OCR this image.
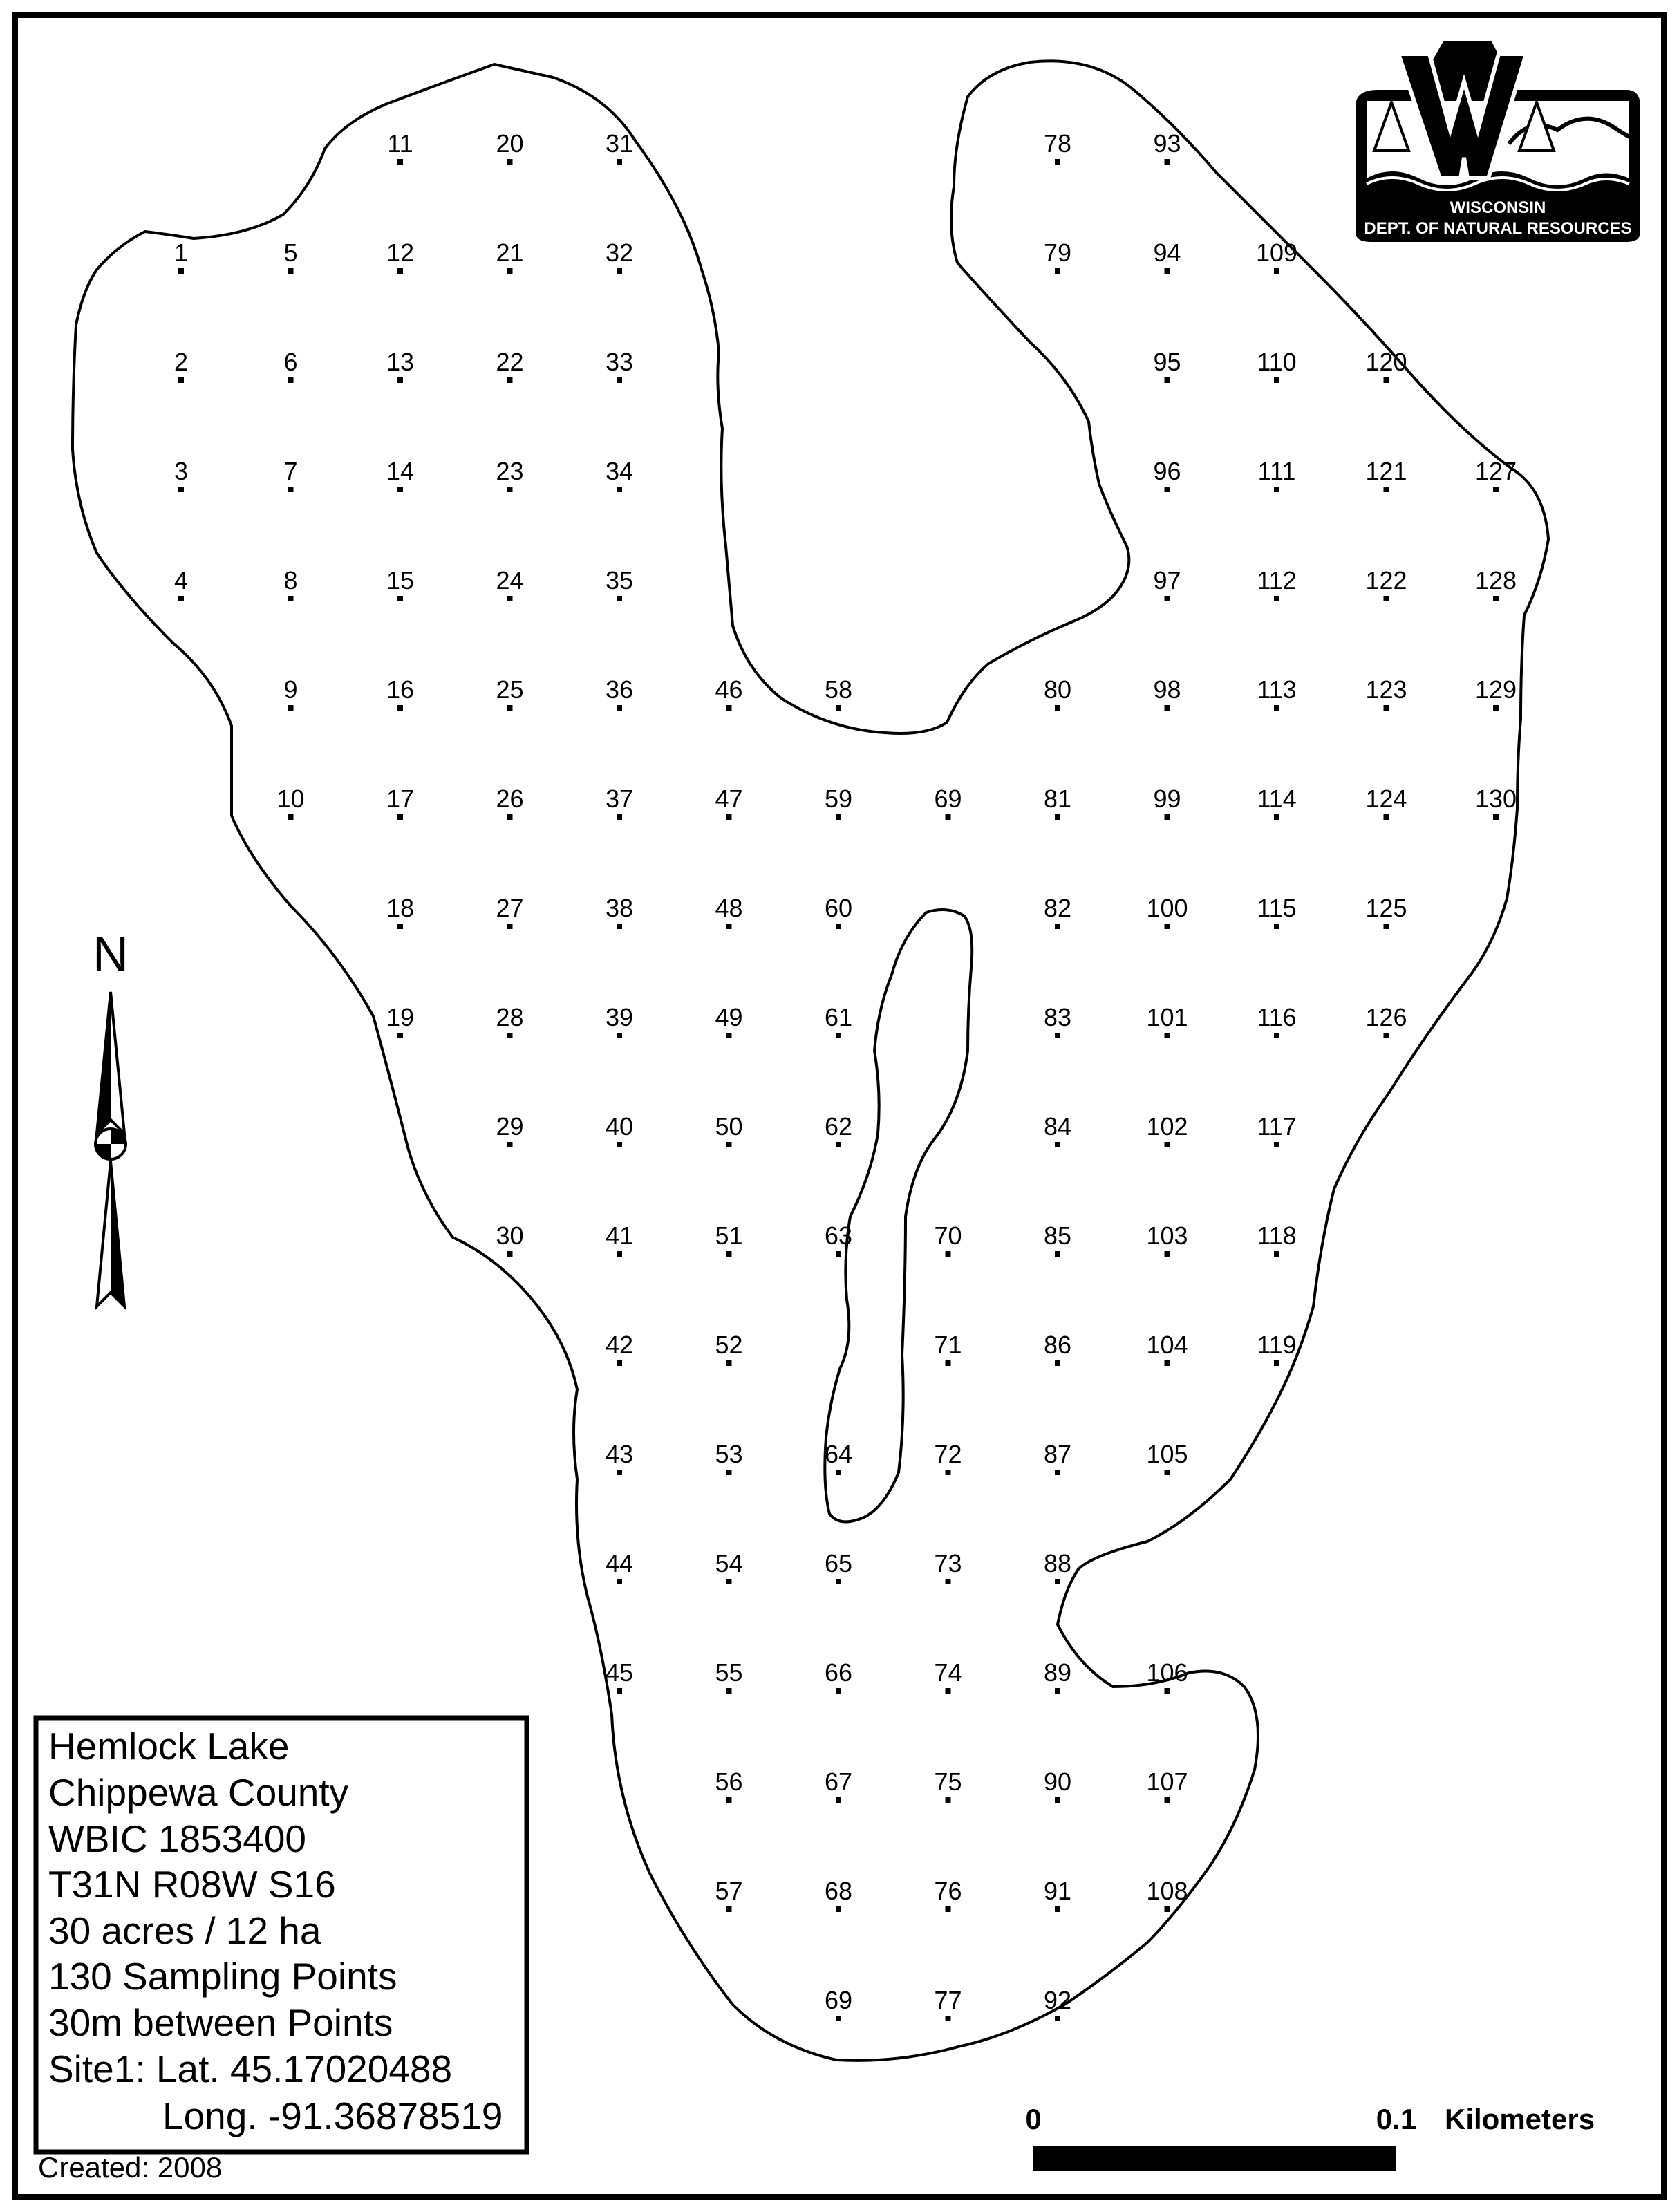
1
2
3
4
5
6
7
8
9
10
11
12
13
14
15
16
17
18
19
20
21
22
23
24
25
26
27
28
29
30
31
32
33
34
35
36
37
38
39
40
41
42
43
44
45
46
47
48
49
50
51
52
53
54
55
56
57
58
59
60
61
62
63
64
65
66
67
68
69
69
70
71
72
73
74
75
76
77
78
79
80
81
82
83
84
85
86
87
88
89
90
91
92
93
94
95
96
97
98
99
100
101
102
103
104
105
106
107
108
109
110
111
112
113
114
115
116
117
118
119
120
121
122
123
124
125
126
127
128
129
130
WISCONSIN
DEPT. OF NATURAL RESOURCES
N
Hemlock Lake
Chippewa County
WBIC 1853400
T31N R08W S16
30 acres / 12 ha
130 Sampling Points
30m between Points
Site1: Lat. 45.17020488
Long. -91.36878519
Created: 2008
0	0.1 Kilometers
